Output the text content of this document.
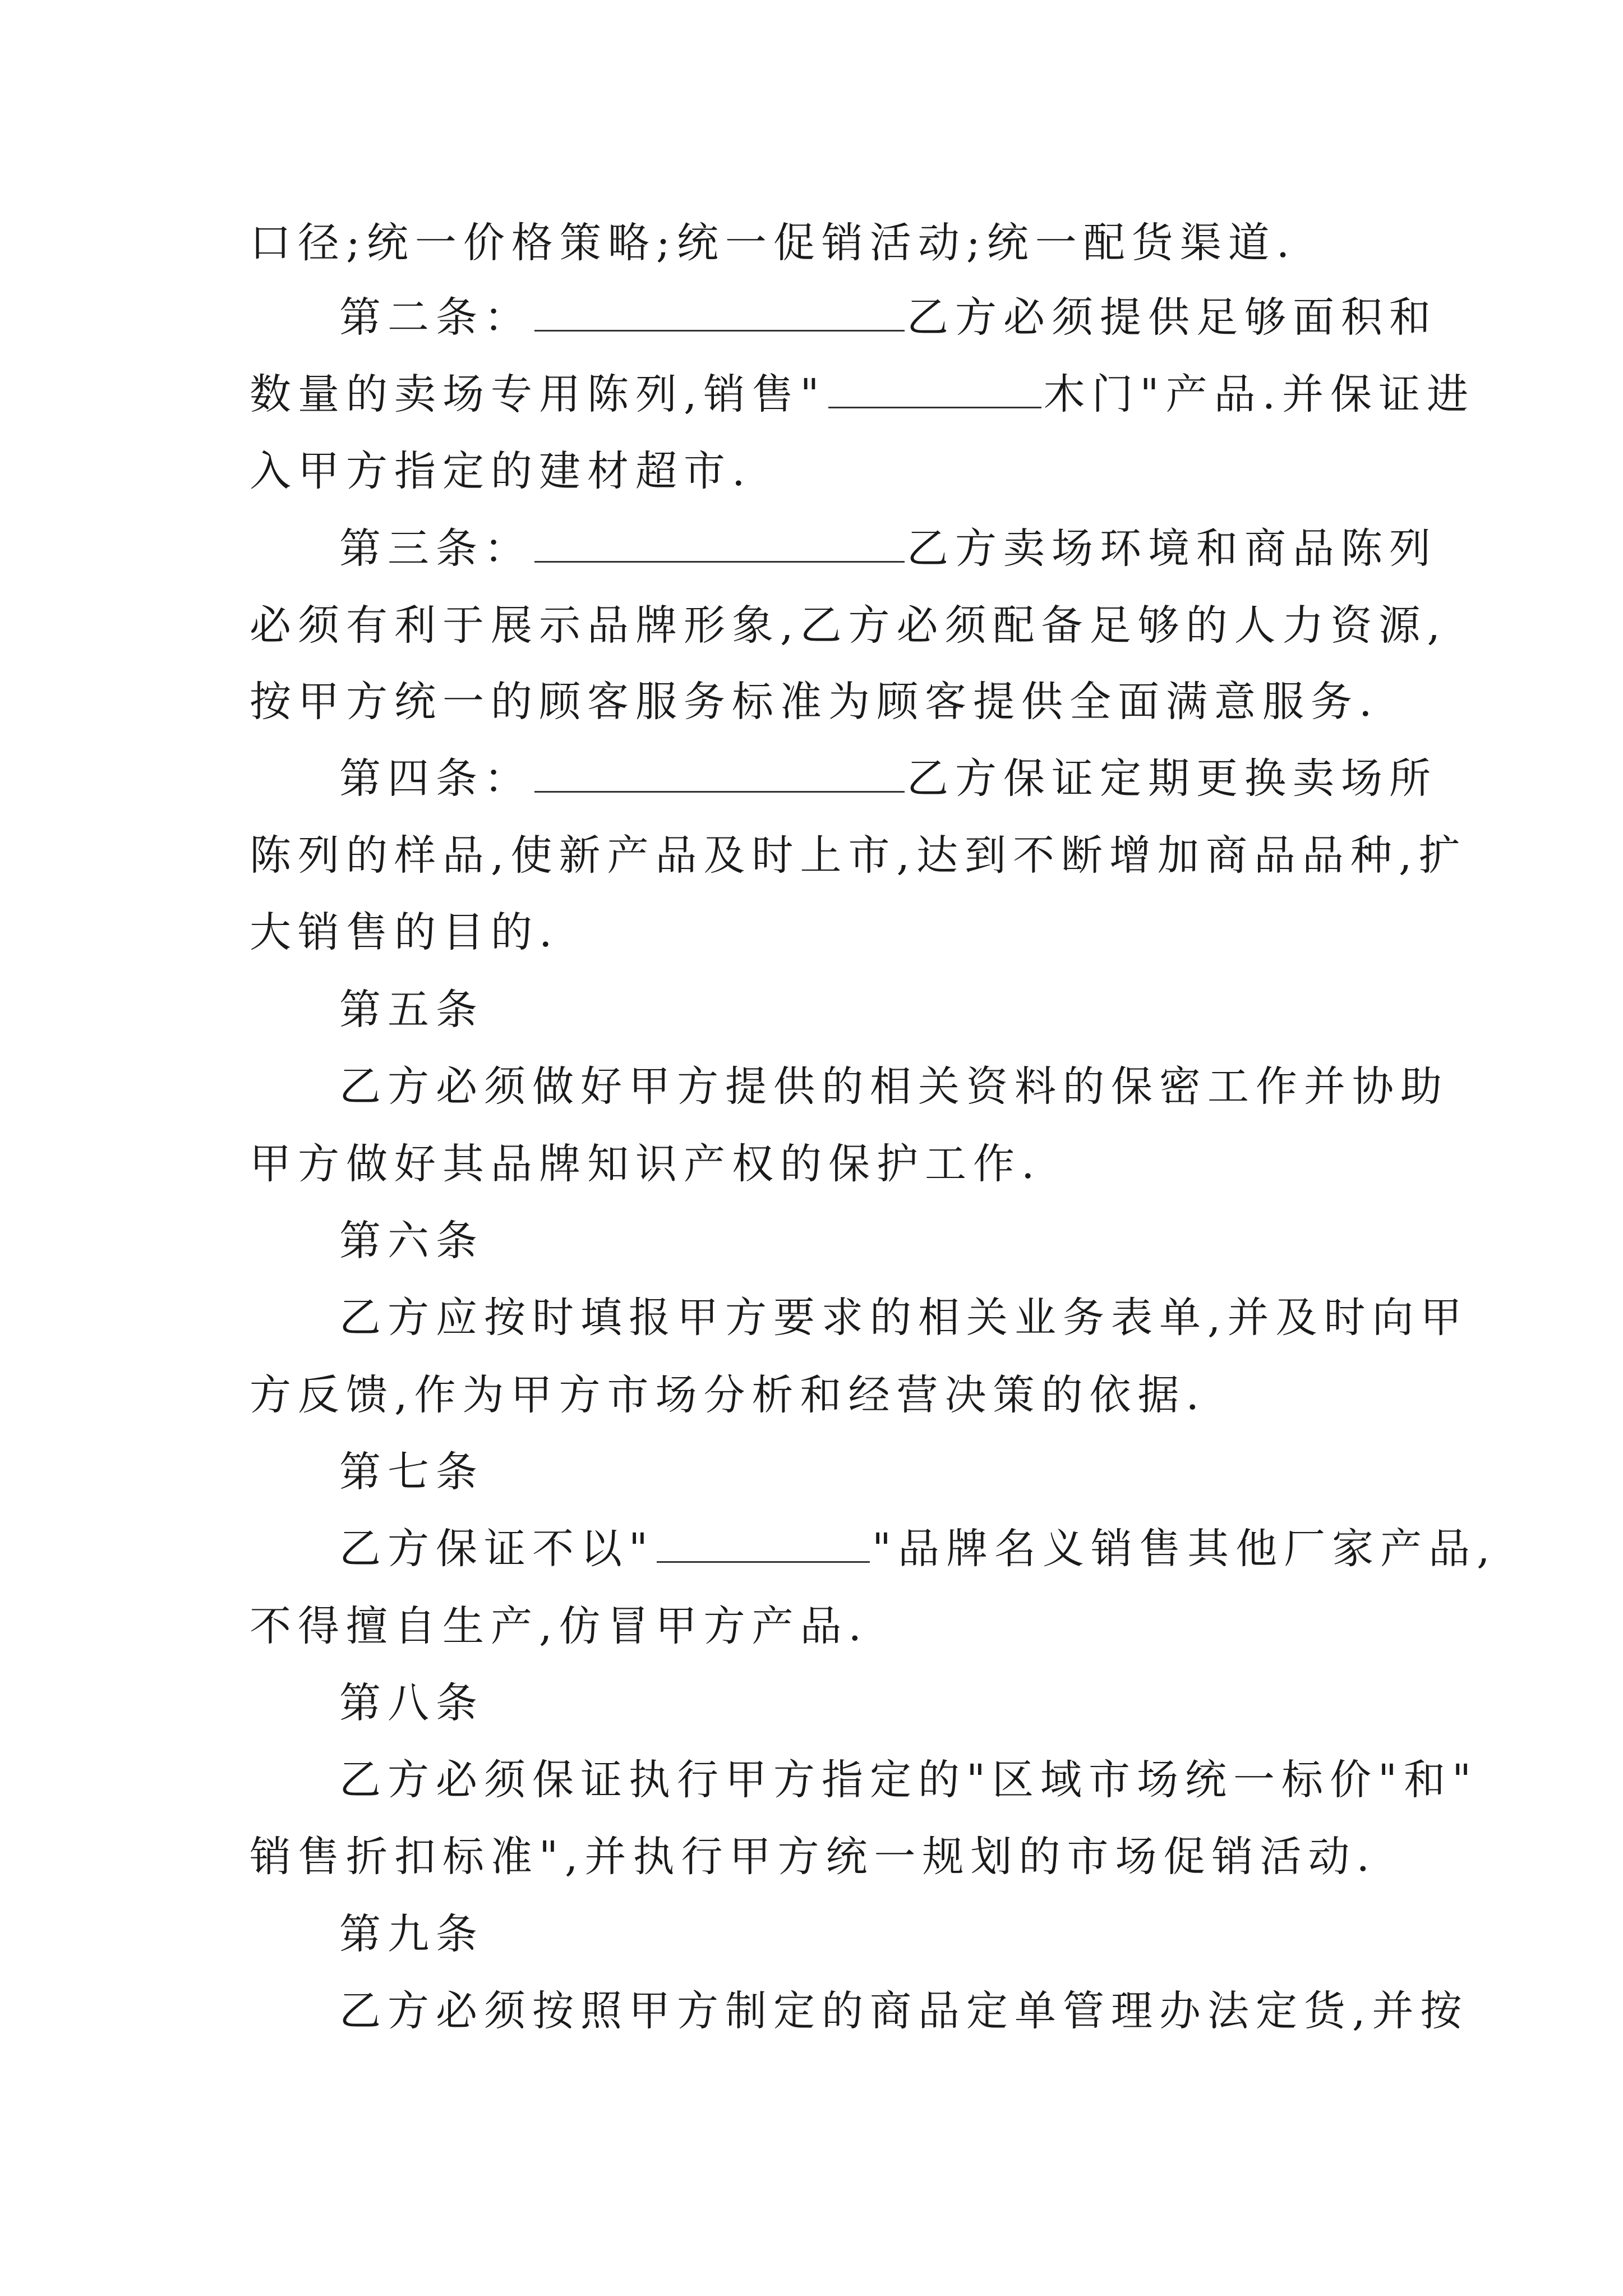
口径;统一价格策略;统一促销活动;统一配货渠道.
第二条：	乙方必须提供足够面积和
数量的卖场专用陈列,销售"	木门"产品.并保证进
入甲方指定的建材超市.
第三条：	乙方卖场环境和商品陈列
必须有利于展示品牌形象,乙方必须配备足够的人力资源,
按甲方统一的顾客服务标准为顾客提供全面满意服务.
第四条：	乙方保证定期更换卖场所
陈列的样品,使新产品及时上市,达到不断增加商品品种,扩
大销售的目的.
第五条
乙方必须做好甲方提供的相关资料的保密工作并协助
甲方做好其品牌知识产权的保护工作.
第六条
乙方应按时填报甲方要求的相关业务表单,并及时向甲
方反馈,作为甲方市场分析和经营决策的依据.
第七条
乙方保证不以"	"品牌名义销售其他厂家产品,
不得擅自生产,仿冒甲方产品.
第八条
乙方必须保证执行甲方指定的"区域市场统一标价"和"
销售折扣标准",并执行甲方统一规划的市场促销活动.
第九条
乙方必须按照甲方制定的商品定单管理办法定货,并按
